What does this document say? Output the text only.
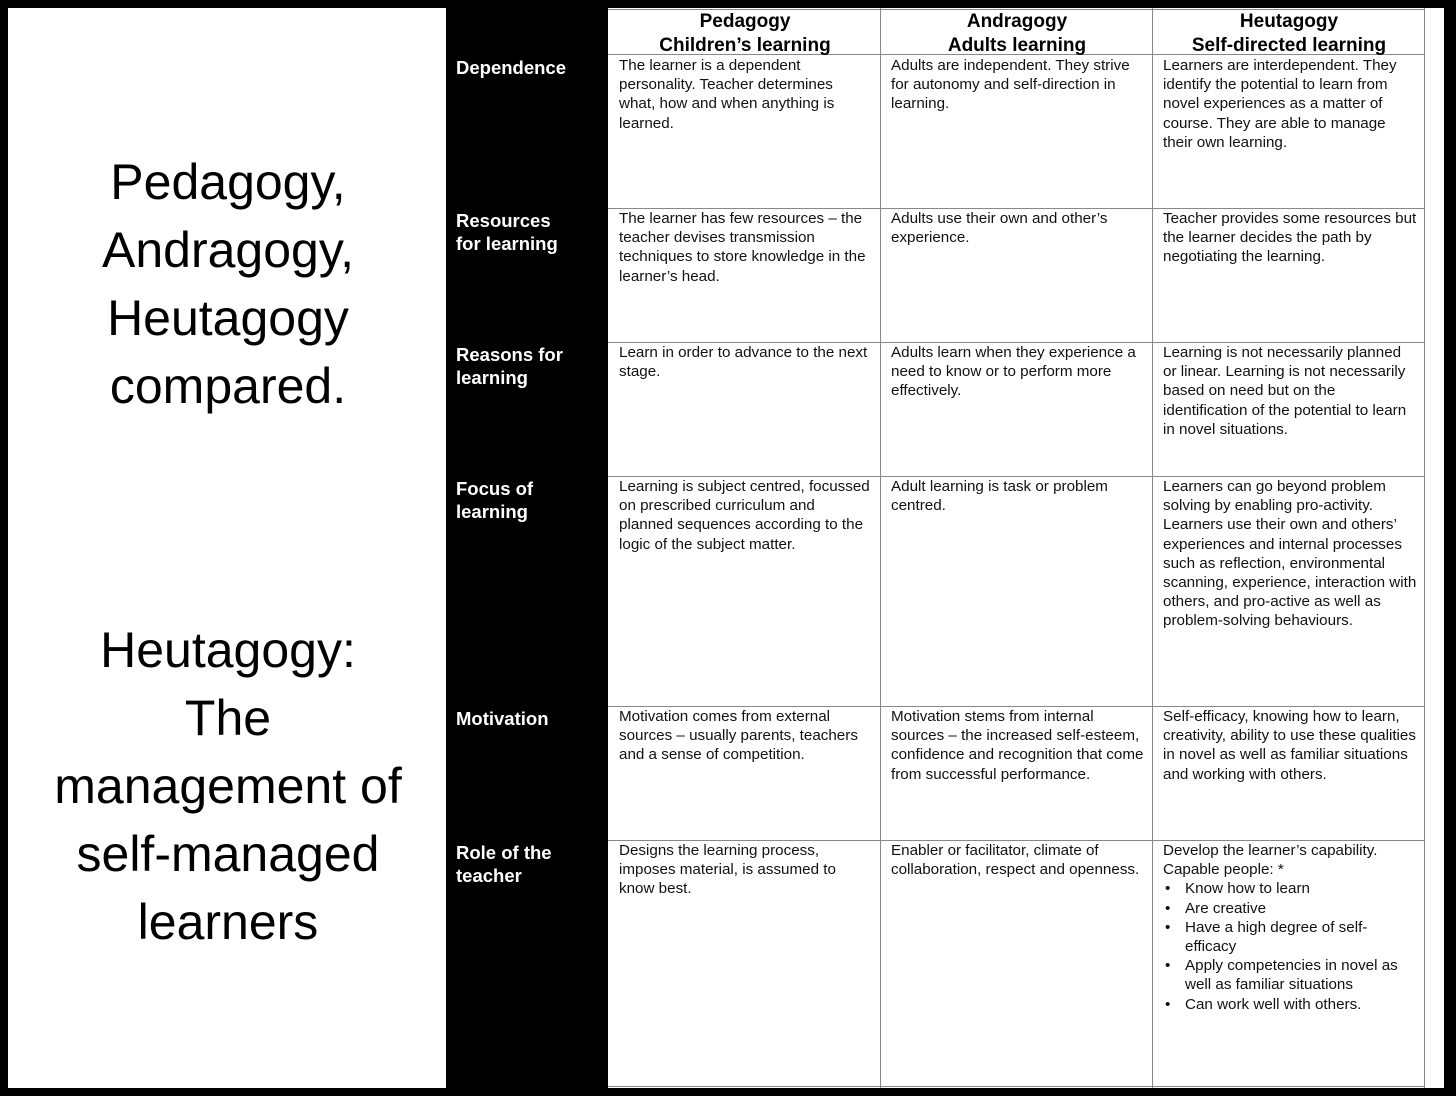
Pedagogy,
Andragogy,
Heutagogy
compared.
Heutagogy:
The
management of
self-managed
learners
Pedagogy
Children’s learning
Andragogy
Adults learning
Heutagogy
Self-directed learning
Dependence	The learner is a dependent personality. Teacher determines what, how and when anything is learned.
Adults are independent. They strive for autonomy and self-direction in learning.
Learners are interdependent. They identify the potential to learn from novel experiences as a matter of course. They are able to manage their own learning.
Resources
for learning
The learner has few resources – the teacher devises transmission techniques to store knowledge in the learner’s head.
Adults use their own and other’s experience.
Teacher provides some resources but the learner decides the path by negotiating the learning.
Reasons for
learning
Learn in order to advance to the next stage.
Adults learn when they experience a need to know or to perform more effectively.
Learning is not necessarily planned or linear. Learning is not necessarily based on need but on the identification of the potential to learn in novel situations.
Focus of
learning
Learning is subject centred, focussed on prescribed curriculum and planned sequences according to the logic of the subject matter.
Adult learning is task or problem centred.
Learners can go beyond problem solving by enabling pro-activity. Learners use their own and others’ experiences and internal processes such as reflection, environmental scanning, experience, interaction with others, and pro-active as well as problem-solving behaviours.
Motivation	Motivation comes from external sources – usually parents, teachers and a sense of competition.
Motivation stems from internal sources – the increased self-esteem, confidence and recognition that come from successful performance.
Self-efficacy, knowing how to learn, creativity, ability to use these qualities in novel as well as familiar situations and working with others.
Role of the
teacher
Designs the learning process, imposes material, is assumed to know best.
Enabler or facilitator, climate of collaboration, respect and openness.
Develop the learner’s capability.
Capable people: *
• Know how to learn
• Are creative
• Have a high degree of self-efficacy
• Apply competencies in novel as well as familiar situations
• Can work well with others.
